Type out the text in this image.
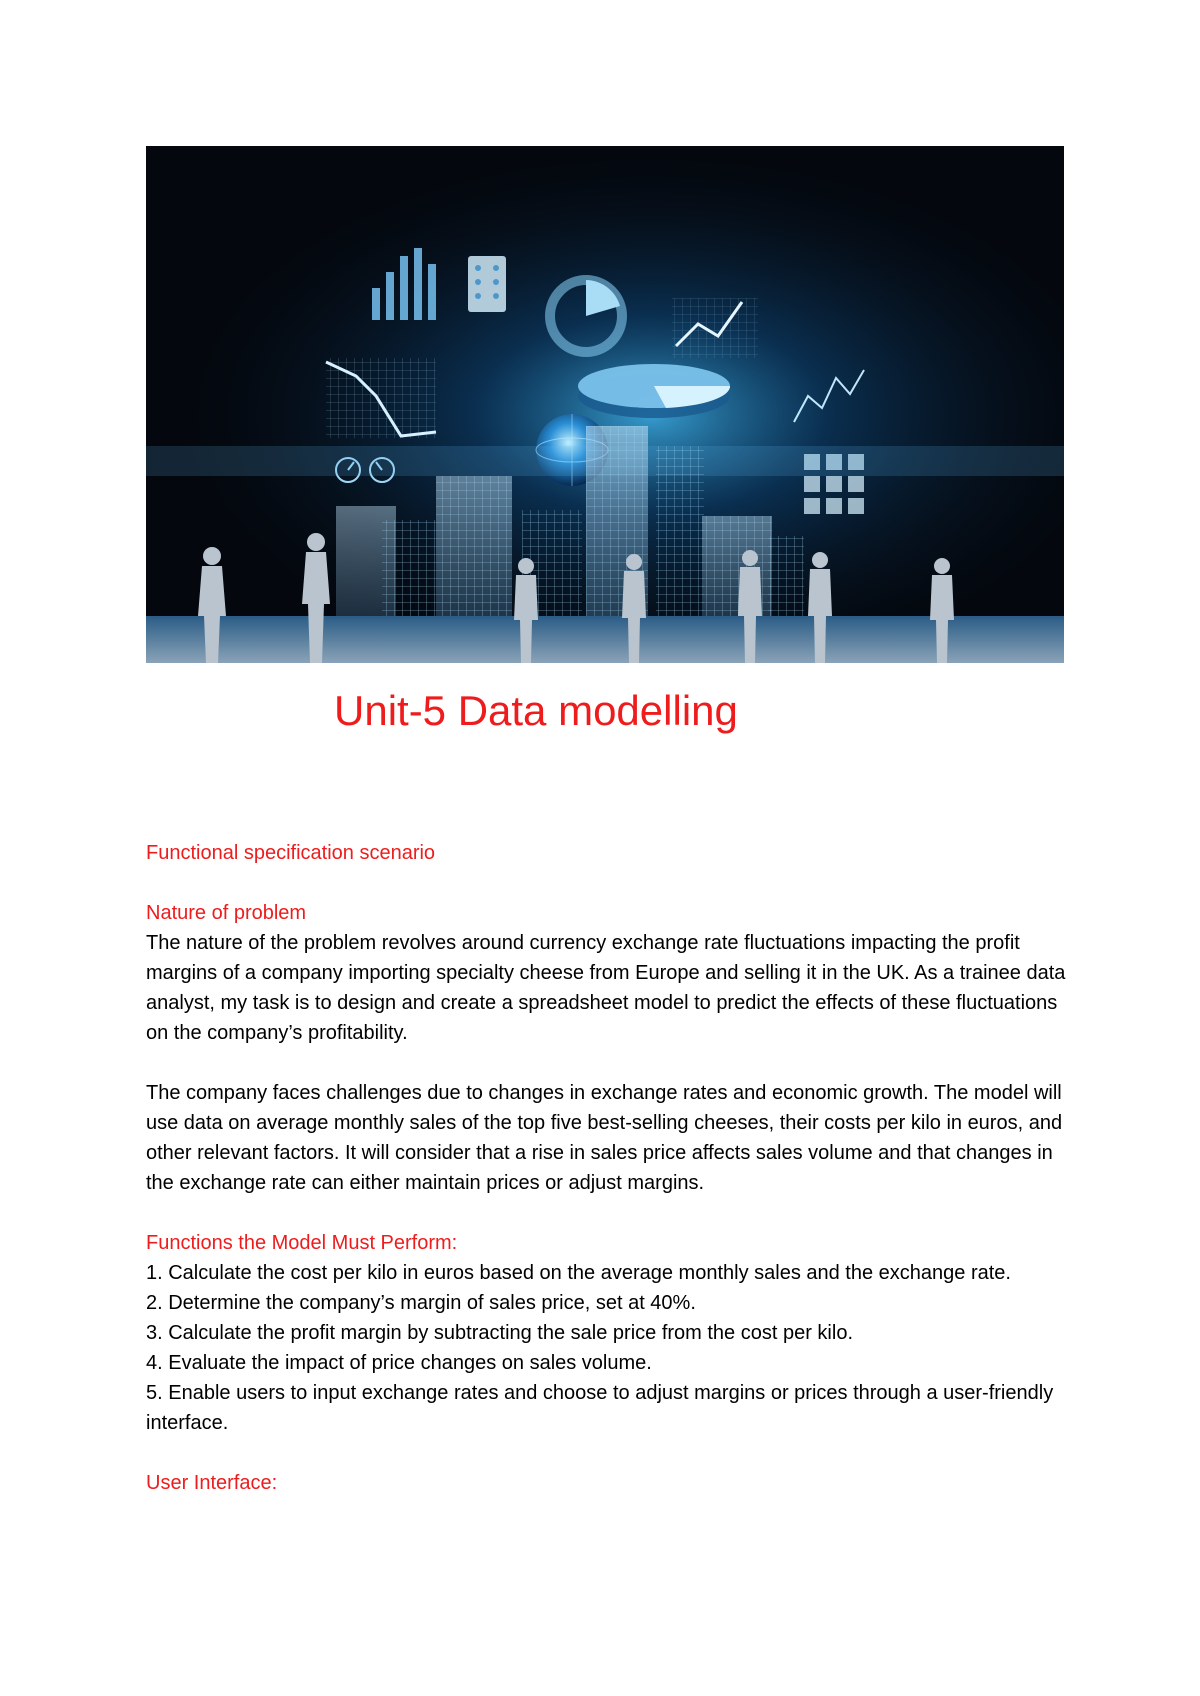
Unit-5 Data modelling

Functional specification scenario

Nature of problem

The nature of the problem revolves around currency exchange rate fluctuations impacting the profit margins of a company importing specialty cheese from Europe and selling it in the UK. As a trainee data analyst, my task is to design and create a spreadsheet model to predict the effects of these fluctuations on the company’s profitability.

The company faces challenges due to changes in exchange rates and economic growth. The model will use data on average monthly sales of the top five best-selling cheeses, their costs per kilo in euros, and other relevant factors. It will consider that a rise in sales price affects sales volume and that changes in the exchange rate can either maintain prices or adjust margins.

Functions the Model Must Perform:

1. Calculate the cost per kilo in euros based on the average monthly sales and the exchange rate.
2. Determine the company’s margin of sales price, set at 40%.
3. Calculate the profit margin by subtracting the sale price from the cost per kilo.
4. Evaluate the impact of price changes on sales volume.
5. Enable users to input exchange rates and choose to adjust margins or prices through a user-friendly interface.

User Interface:
